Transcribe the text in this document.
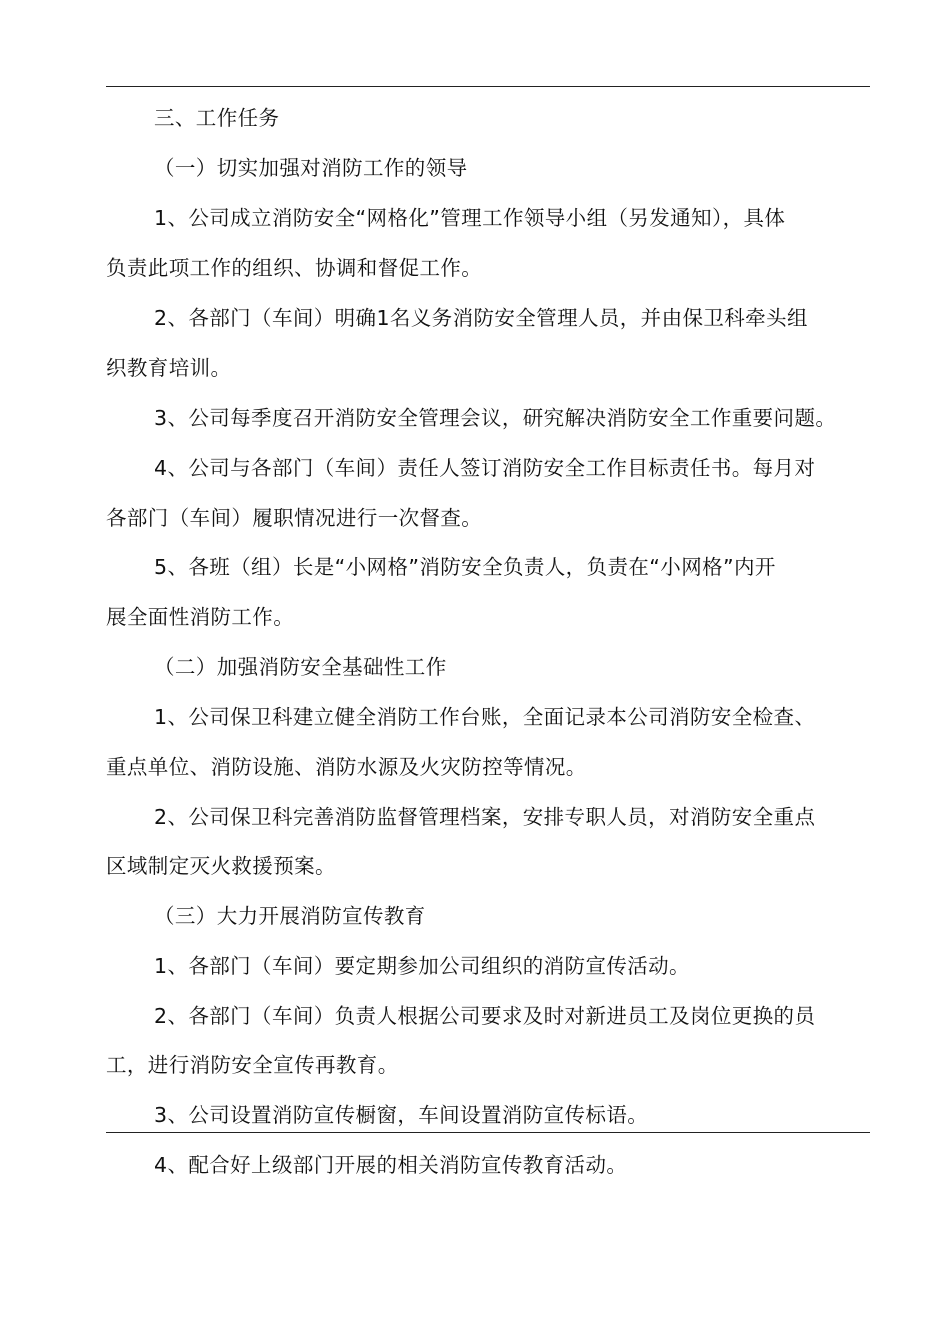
三、工作任务
（一）切实加强对消防工作的领导
1、公司成立消防安全“网格化”管理工作领导小组（另发通知），具体
负责此项工作的组织、协调和督促工作。
2、各部门（车间）明确1名义务消防安全管理人员，并由保卫科牵头组
织教育培训。
3、公司每季度召开消防安全管理会议，研究解决消防安全工作重要问题。
4、公司与各部门（车间）责任人签订消防安全工作目标责任书。每月对
各部门（车间）履职情况进行一次督查。
5、各班（组）长是“小网格”消防安全负责人，负责在“小网格”内开
展全面性消防工作。
（二）加强消防安全基础性工作
1、公司保卫科建立健全消防工作台账，全面记录本公司消防安全检查、
重点单位、消防设施、消防水源及火灾防控等情况。
2、公司保卫科完善消防监督管理档案，安排专职人员，对消防安全重点
区域制定灭火救援预案。
（三）大力开展消防宣传教育
1、各部门（车间）要定期参加公司组织的消防宣传活动。
2、各部门（车间）负责人根据公司要求及时对新进员工及岗位更换的员
工，进行消防安全宣传再教育。
3、公司设置消防宣传橱窗，车间设置消防宣传标语。
4、配合好上级部门开展的相关消防宣传教育活动。
